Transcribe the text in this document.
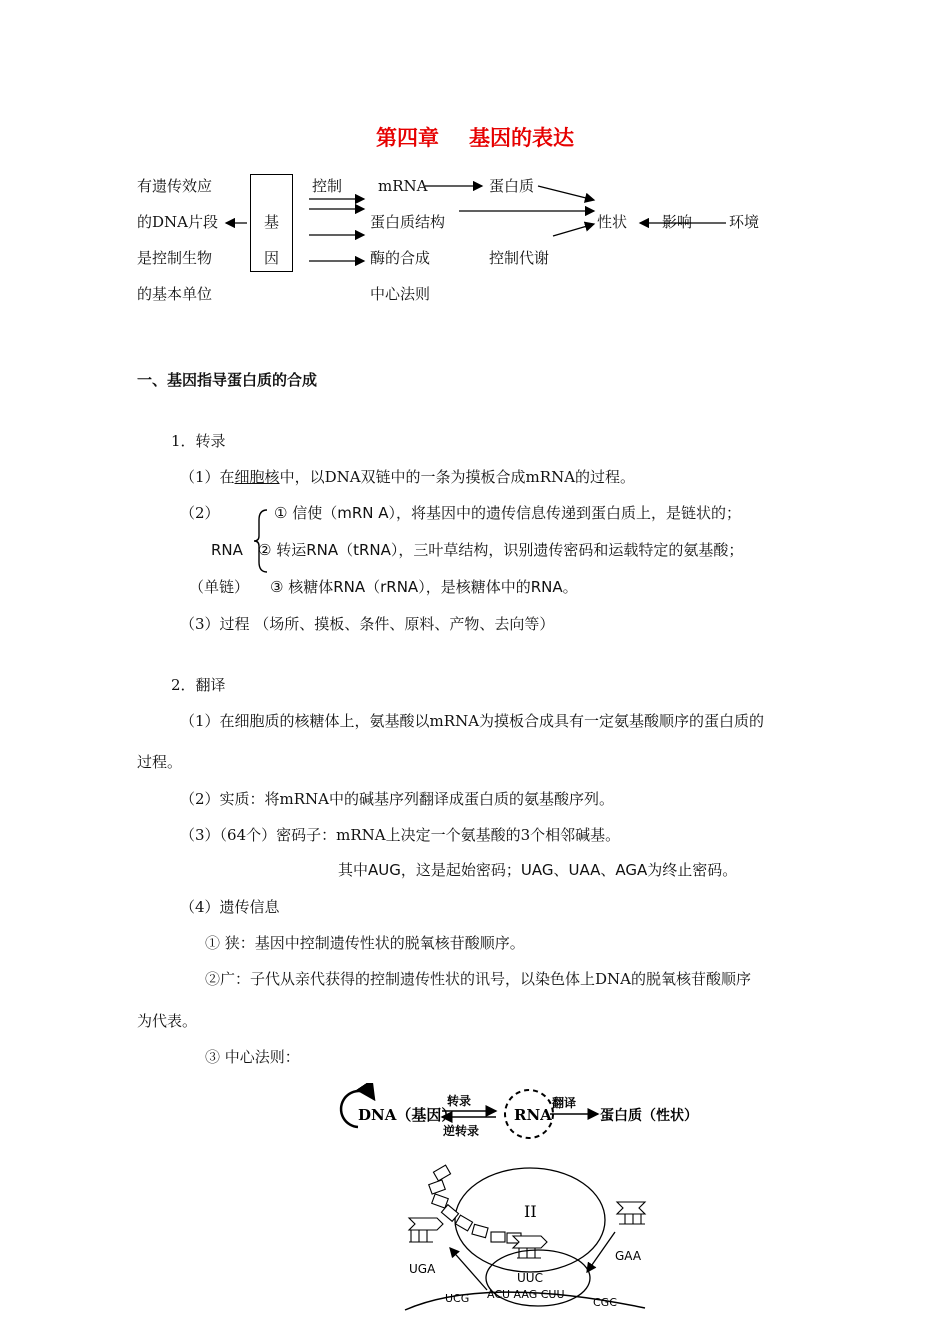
第四章 基因的表达
有遗传效应
的DNA片段
是控制生物
的基本单位
基
因
控制 mRNA	蛋白质
蛋白质结构
酶的合成
中心法则
控制代谢
性状 影响 环境
一、基因指导蛋白质的合成
1．转录
（1）在细胞核中，以DNA双链中的一条为摸板合成mRNA的过程。
（2）	① 信使（mRN A），将基因中的遗传信息传递到蛋白质上，是链状的；
RNA ② 转运RNA（tRNA），三叶草结构，识别遗传密码和运载特定的氨基酸；
（单链） ③ 核糖体RNA（rRNA），是核糖体中的RNA。
（3）过程 （场所、摸板、条件、原料、产物、去向等）
2．翻译
（1）在细胞质的核糖体上，氨基酸以mRNA为摸板合成具有一定氨基酸顺序的蛋白质的
过程。
（2）实质：将mRNA中的碱基序列翻译成蛋白质的氨基酸序列。
（3）（64个）密码子：mRNA上决定一个氨基酸的3个相邻碱基。
其中AUG，这是起始密码；UAG、UAA、AGA为终止密码。
（4）遗传信息
① 狭：基因中控制遗传性状的脱氧核苷酸顺序。
②广：子代从亲代获得的控制遗传性状的讯号，以染色体上DNA的脱氧核苷酸顺序
为代表。
③ 中心法则：
DNA（基因）
转录
逆转录
RNA
翻译
蛋白质（性状）
II
UGA
UUC
GAA
UCG ACU AAG CUU
CGC
